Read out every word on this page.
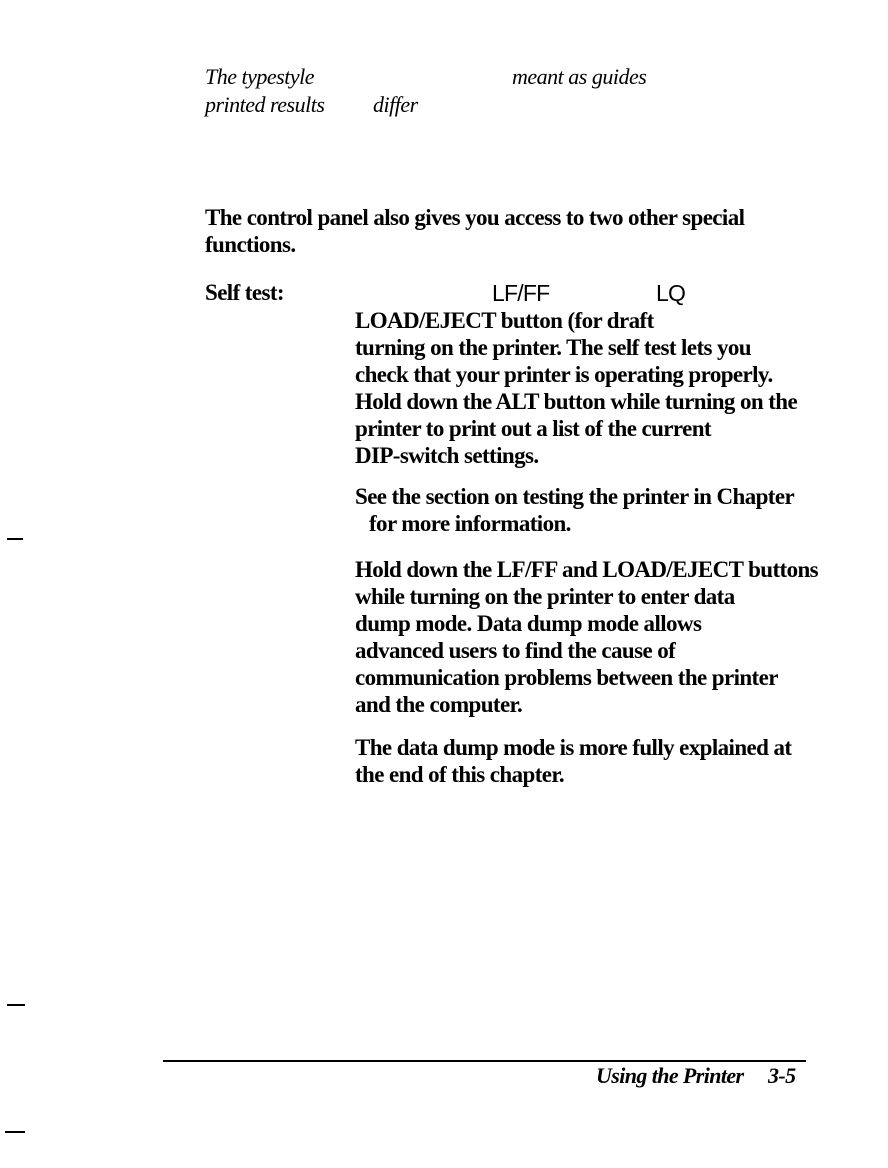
The typestyle	meant as guides
printed results differ
The control panel also gives you access to two other special
functions.
Self test:	LF/FF	LQ
LOAD/EJECT button (for draft
turning on the printer. The self test lets you
check that your printer is operating properly.
Hold down the ALT button while turning on the
printer to print out a list of the current
DIP-switch settings.
See the section on testing the printer in Chapter
for more information.
Hold down the LF/FF and LOAD/EJECT buttons
while turning on the printer to enter data
dump mode. Data dump mode allows
advanced users to find the cause of
communication problems between the printer
and the computer.
The data dump mode is more fully explained at
the end of this chapter.
Using the Printer 3-5
